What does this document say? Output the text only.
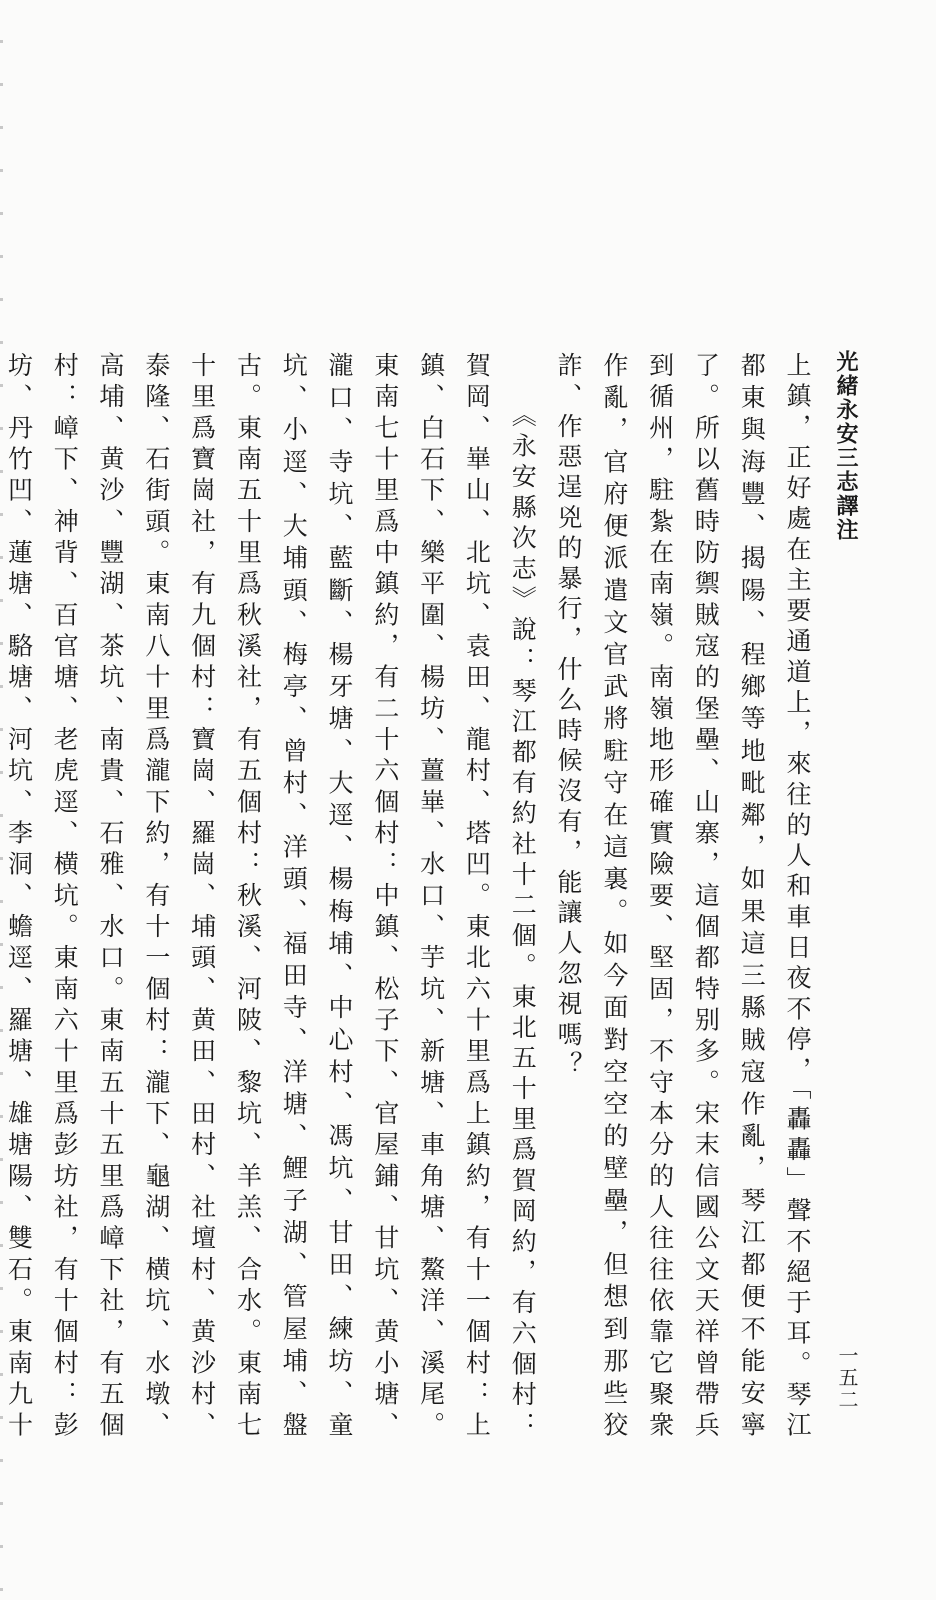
光緒永安三志譯注

上鎮，正好處在主要通道上，來往的人和車日夜不停，「轟轟」聲不絕于耳。琴江都東與海豐、揭陽、程鄉等地毗鄰，如果這三縣賊寇作亂，琴江都便不能安寧了。所以舊時防禦賊寇的堡壘、山寨，這個都特别多。宋末信國公文天祥曾帶兵到循州，駐紮在南嶺。南嶺地形確實險要、堅固，不守本分的人往往依靠它聚衆作亂，官府便派遣文官武將駐守在這裏。如今面對空空的壁壘，但想到那些狡詐、作惡逞兇的暴行，什么時候沒有，能讓人忽視嗎？

《永安縣次志》說：琴江都有約社十二個。東北五十里爲賀岡約，有六個村：賀岡、崋山、北坑、袁田、龍村、塔凹。東北六十里爲上鎮約，有十一個村：上鎮、白石下、樂平圍、楊坊、薑崋、水口、芋坑、新塘、車角塘、鰲洋、溪尾。東南七十里爲中鎮約，有二十六個村：中鎮、松子下、官屋鋪、甘坑、黄小塘、瀧口、寺坑、藍斷、楊牙塘、大逕、楊梅埔、中心村、馮坑、甘田、練坊、童坑、小逕、大埔頭、梅亭、曾村、洋頭、福田寺、洋塘、鯉子湖、管屋埔、盤古。東南五十里爲秋溪社，有五個村：秋溪、河陂、黎坑、羊羔、合水。東南七十里爲寶崗社，有九個村：寶崗、羅崗、埔頭、黄田、田村、社壇村、黄沙村、泰隆、石街頭。東南八十里爲瀧下約，有十一個村：瀧下、龜湖、横坑、水墩、高埔、黄沙、豐湖、茶坑、南貴、石雅、水口。東南五十五里爲嶂下社，有五個村：嶂下、神背、百官塘、老虎逕、横坑。東南六十里爲彭坊社，有十個村：彭坊、丹竹凹、蓮塘、駱塘、河坑、李洞、蟾逕、羅塘、雄塘陽、雙石。東南九十

一五二
